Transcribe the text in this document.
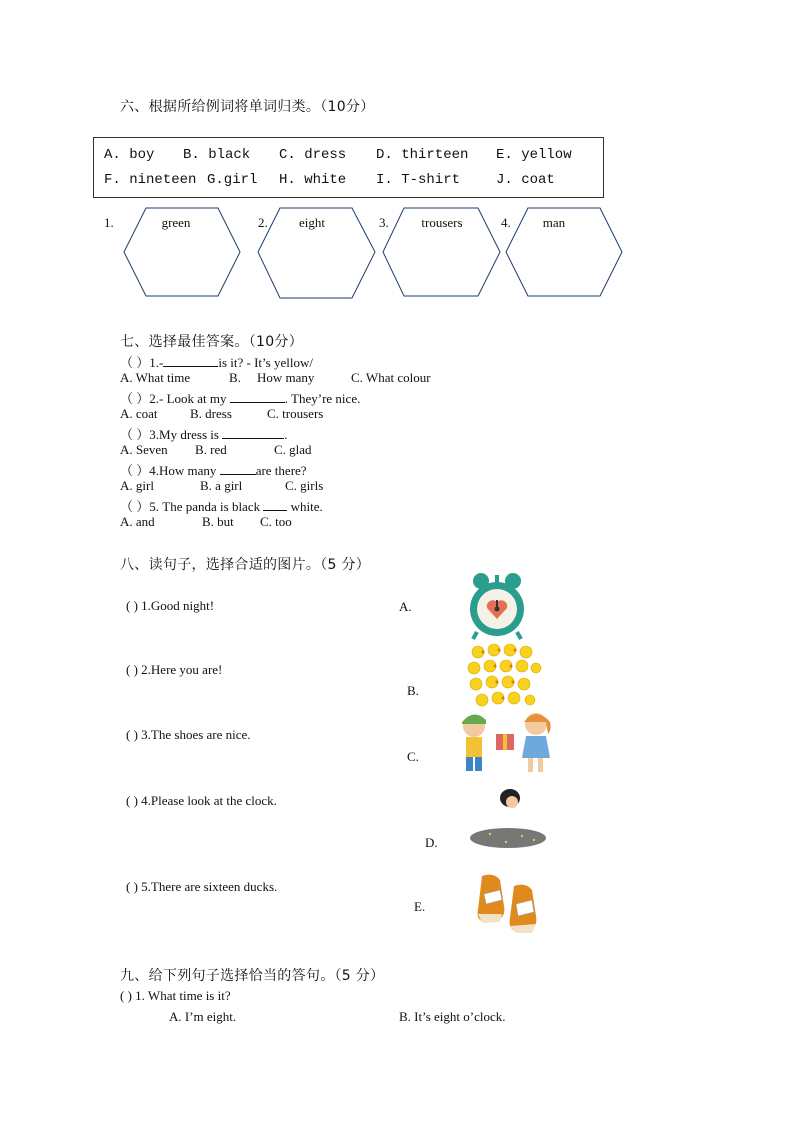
六、根据所给例词将单词归类。（10分）
A. boy B. black C. dress D. thirteen E. yellow
F. nineteen G.girl H. white I. T-shirt	J. coat
1.	green	2.	eight	3.	trousers	4.	man
七、选择最佳答案。（10分）
（ ）1.-	is it? - It’s yellow/
A. What time	B. How many	C. What colour
（ ）2.- Look at my	. They’re nice.
A. coat B. dress	C. trousers
（ ）3.My dress is	.
A. Seven B. red	C. glad
（ ）4.How many	are there?
A. girl	B. a girl	C. girls
（ ）5. The panda is black white.
A. and	B. but C. too
八、读句子，选择合适的图片。（5 分）
( ) 1.Good night!	A.
( ) 2.Here you are!
B.
( ) 3.The shoes are nice.
C.
( ) 4.Please look at the clock.
D.
( ) 5.There are sixteen ducks.
E.
九、给下列句子选择恰当的答句。（5 分）
( ) 1. What time is it?
A. I’m eight.	B. It’s eight o’clock.
